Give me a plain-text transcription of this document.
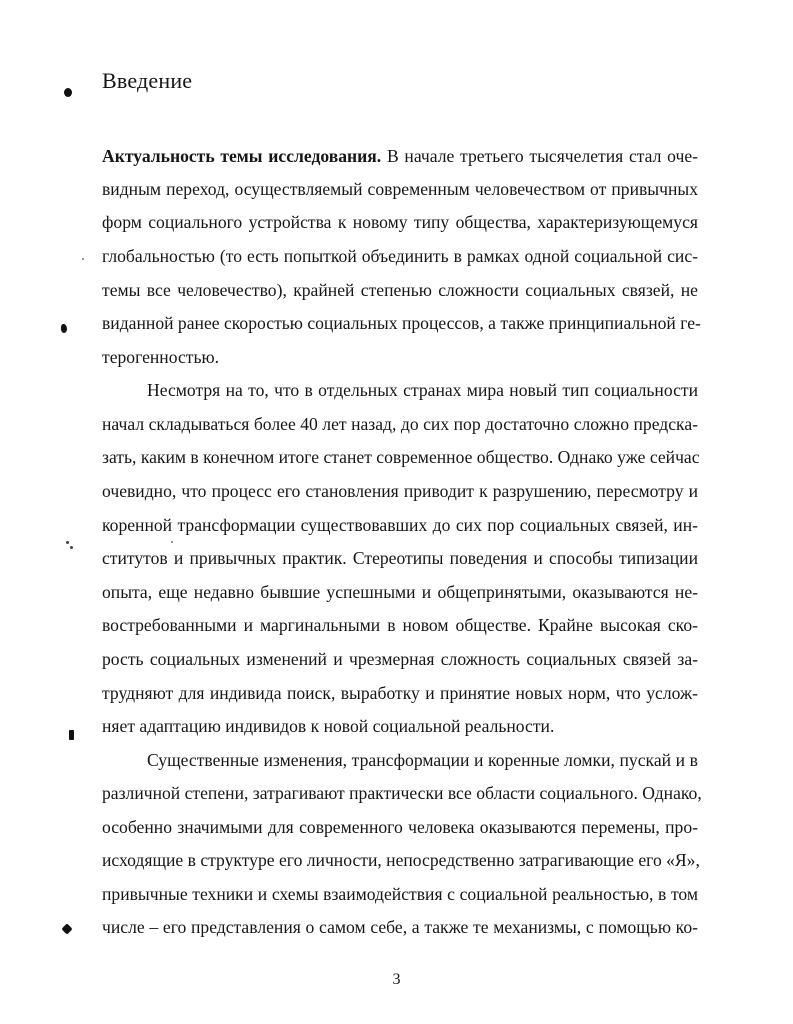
Введение
Актуальность темы исследования. В начале третьего тысячелетия стал оче-
видным переход, осуществляемый современным человечеством от привычных
форм социального устройства к новому типу общества, характеризующемуся
глобальностью (то есть попыткой объединить в рамках одной социальной сис-
темы все человечество), крайней степенью сложности социальных связей, не
виданной ранее скоростью социальных процессов, а также принципиальной ге-
терогенностью.
Несмотря на то, что в отдельных странах мира новый тип социальности
начал складываться более 40 лет назад, до сих пор достаточно сложно предска-
зать, каким в конечном итоге станет современное общество. Однако уже сейчас
очевидно, что процесс его становления приводит к разрушению, пересмотру и
коренной трансформации существовавших до сих пор социальных связей, ин-
ститутов и привычных практик. Стереотипы поведения и способы типизации
опыта, еще недавно бывшие успешными и общепринятыми, оказываются не-
востребованными и маргинальными в новом обществе. Крайне высокая ско-
рость социальных изменений и чрезмерная сложность социальных связей за-
трудняют для индивида поиск, выработку и принятие новых норм, что услож-
няет адаптацию индивидов к новой социальной реальности.
Существенные изменения, трансформации и коренные ломки, пускай и в
различной степени, затрагивают практически все области социального. Однако,
особенно значимыми для современного человека оказываются перемены, про-
исходящие в структуре его личности, непосредственно затрагивающие его «Я»,
привычные техники и схемы взаимодействия с социальной реальностью, в том
числе – его представления о самом себе, а также те механизмы, с помощью ко-
3
